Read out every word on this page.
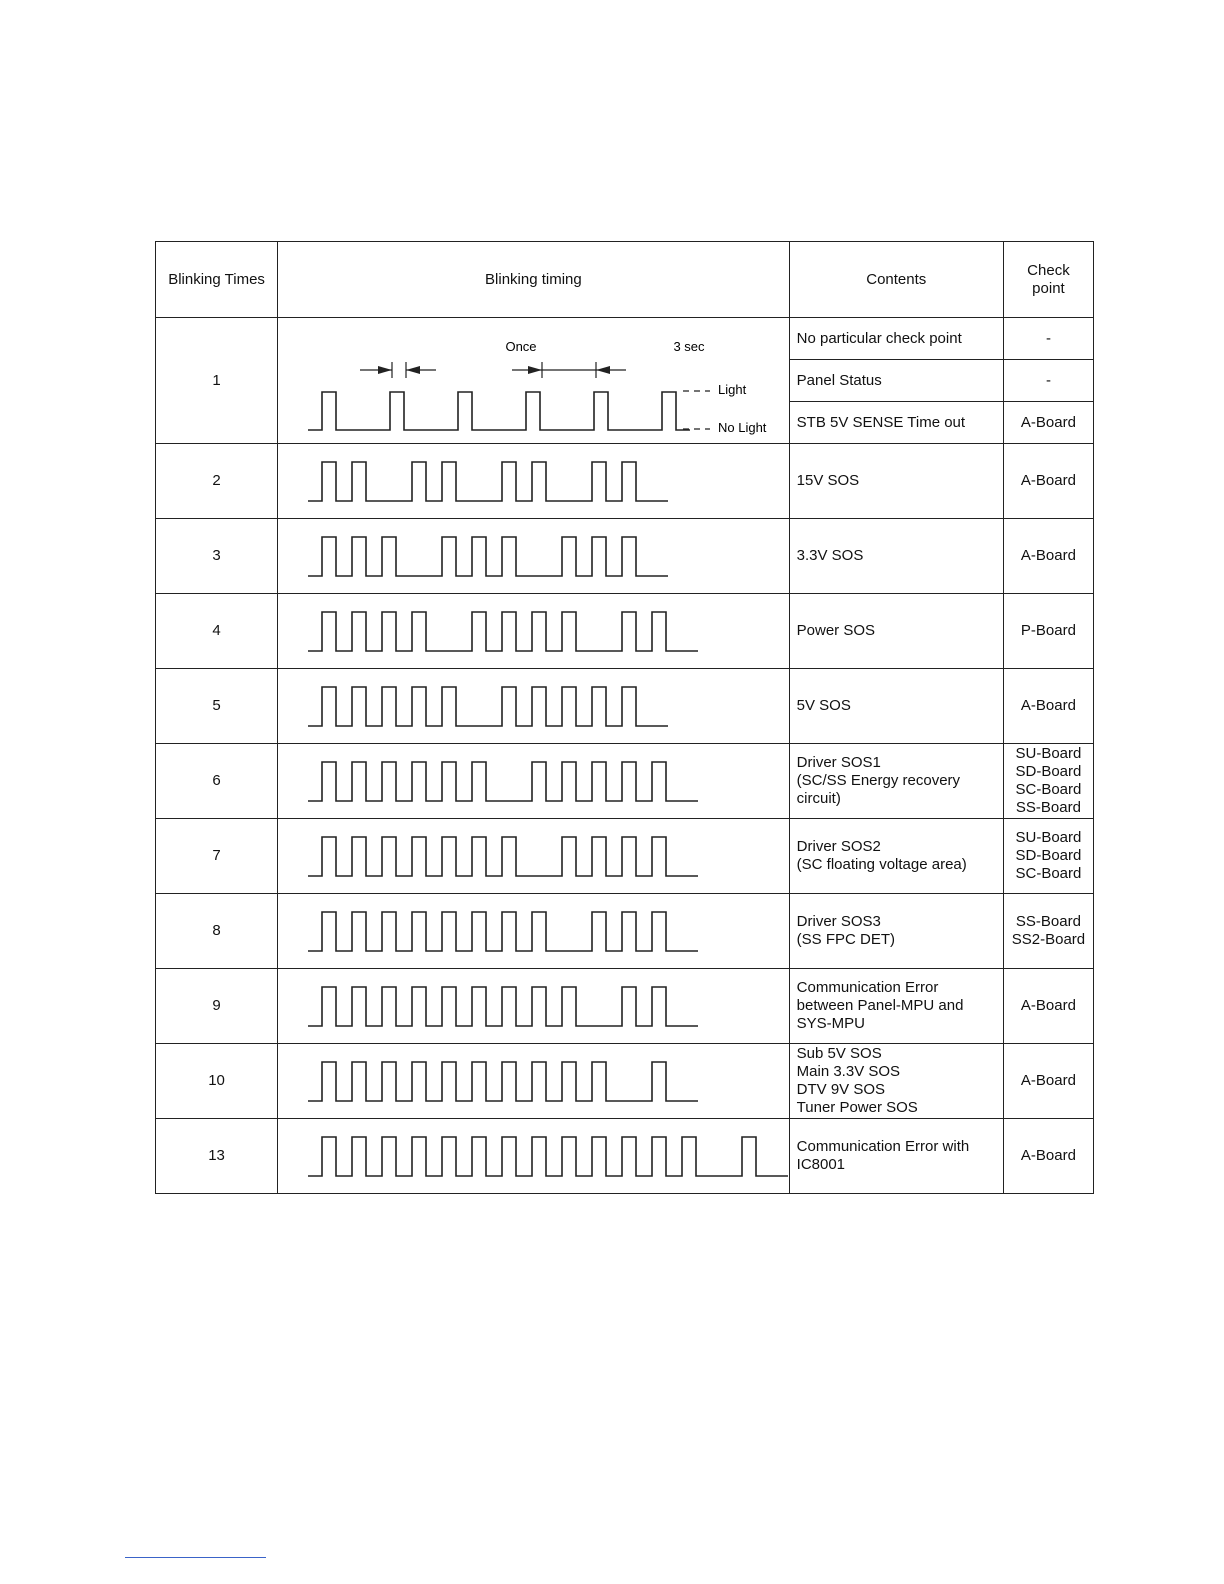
Blinking Times	Blinking timing	Contents	Check
point

1	Once 3 sec
Light
No Light	No particular check point	-
		Panel Status	-
		STB 5V SENSE Time out	A-Board
2		15V SOS	A-Board

3		3.3V SOS	A-Board

4		Power SOS	P-Board

5		5V SOS	A-Board

6		Driver SOS1
(SC/SS Energy recovery
circuit)	SU-Board
SD-Board
SC-Board
SS-Board

7		Driver SOS2
(SC floating voltage area)	SU-Board
SD-Board
SC-Board

8		Driver SOS3
(SS FPC DET)	SS-Board
SS2-Board

9		Communication Error
between Panel-MPU and
SYS-MPU	A-Board

10		Sub 5V SOS
Main 3.3V SOS
DTV 9V SOS
Tuner Power SOS	A-Board

13		Communication Error with
IC8001	A-Board
